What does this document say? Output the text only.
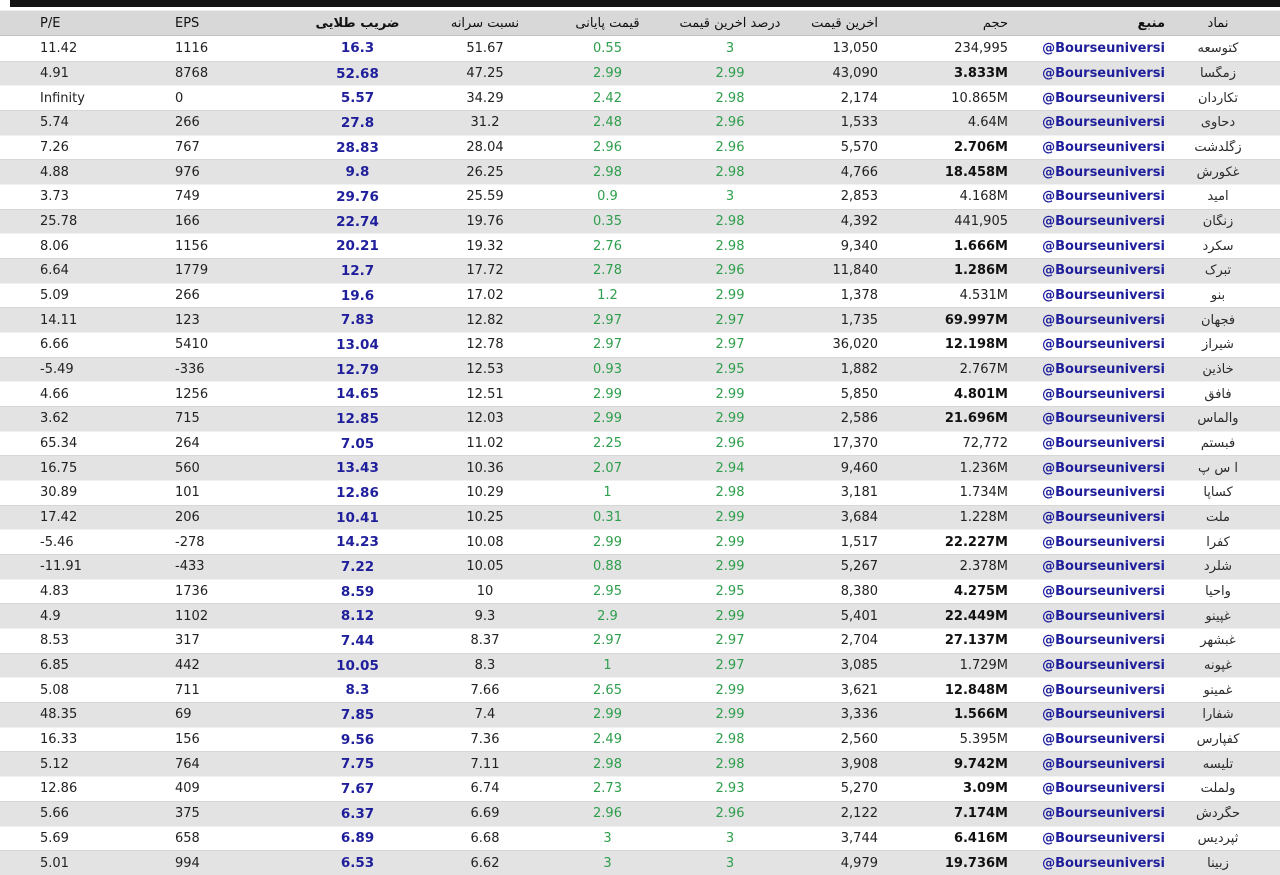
P/E	EPS	ضریب طلایی	نسبت سرانه	قیمت پایانی	درصد آخرین قیمت	آخرین قیمت	حجم	منبع	نماد
11.42	1116	16.3	51.67	0.55	3	13,050	234,995	@Bourseuniversi	کتوسعه
4.91	8768	52.68	47.25	2.99	2.99	43,090	3.833M	@Bourseuniversi	زمگسا
Infinity	0	5.57	34.29	2.42	2.98	2,174	10.865M	@Bourseuniversi	تکاردان
5.74	266	27.8	31.2	2.48	2.96	1,533	4.64M	@Bourseuniversi	دحاوی
7.26	767	28.83	28.04	2.96	2.96	5,570	2.706M	@Bourseuniversi	زگلدشت
4.88	976	9.8	26.25	2.98	2.98	4,766	18.458M	@Bourseuniversi	غکورش
3.73	749	29.76	25.59	0.9	3	2,853	4.168M	@Bourseuniversi	امید
25.78	166	22.74	19.76	0.35	2.98	4,392	441,905	@Bourseuniversi	زنگان
8.06	1156	20.21	19.32	2.76	2.98	9,340	1.666M	@Bourseuniversi	سکرد
6.64	1779	12.7	17.72	2.78	2.96	11,840	1.286M	@Bourseuniversi	تبرک
5.09	266	19.6	17.02	1.2	2.99	1,378	4.531M	@Bourseuniversi	بنو
14.11	123	7.83	12.82	2.97	2.97	1,735	69.997M	@Bourseuniversi	فجهان
6.66	5410	13.04	12.78	2.97	2.97	36,020	12.198M	@Bourseuniversi	شیراز
-5.49	-336	12.79	12.53	0.93	2.95	1,882	2.767M	@Bourseuniversi	خاذین
4.66	1256	14.65	12.51	2.99	2.99	5,850	4.801M	@Bourseuniversi	فافق
3.62	715	12.85	12.03	2.99	2.99	2,586	21.696M	@Bourseuniversi	والماس
65.34	264	7.05	11.02	2.25	2.96	17,370	72,772	@Bourseuniversi	فبستم
16.75	560	13.43	10.36	2.07	2.94	9,460	1.236M	@Bourseuniversi	آ س پ
30.89	101	12.86	10.29	1	2.98	3,181	1.734M	@Bourseuniversi	کساپا
17.42	206	10.41	10.25	0.31	2.99	3,684	1.228M	@Bourseuniversi	ملت
-5.46	-278	14.23	10.08	2.99	2.99	1,517	22.227M	@Bourseuniversi	کفرا
-11.91	-433	7.22	10.05	0.88	2.99	5,267	2.378M	@Bourseuniversi	شلرد
4.83	1736	8.59	10	2.95	2.95	8,380	4.275M	@Bourseuniversi	واحیا
4.9	1102	8.12	9.3	2.9	2.99	5,401	22.449M	@Bourseuniversi	غپینو
8.53	317	7.44	8.37	2.97	2.97	2,704	27.137M	@Bourseuniversi	غبشهر
6.85	442	10.05	8.3	1	2.97	3,085	1.729M	@Bourseuniversi	غپونه
5.08	711	8.3	7.66	2.65	2.99	3,621	12.848M	@Bourseuniversi	غمینو
48.35	69	7.85	7.4	2.99	2.99	3,336	1.566M	@Bourseuniversi	شفارا
16.33	156	9.56	7.36	2.49	2.98	2,560	5.395M	@Bourseuniversi	کفپارس
5.12	764	7.75	7.11	2.98	2.98	3,908	9.742M	@Bourseuniversi	تلیسه
12.86	409	7.67	6.74	2.73	2.93	5,270	3.09M	@Bourseuniversi	ولملت
5.66	375	6.37	6.69	2.96	2.96	2,122	7.174M	@Bourseuniversi	حگردش
5.69	658	6.89	6.68	3	3	3,744	6.416M	@Bourseuniversi	ثپردیس
5.01	994	6.53	6.62	3	3	4,979	19.736M	@Bourseuniversi	زبینا
